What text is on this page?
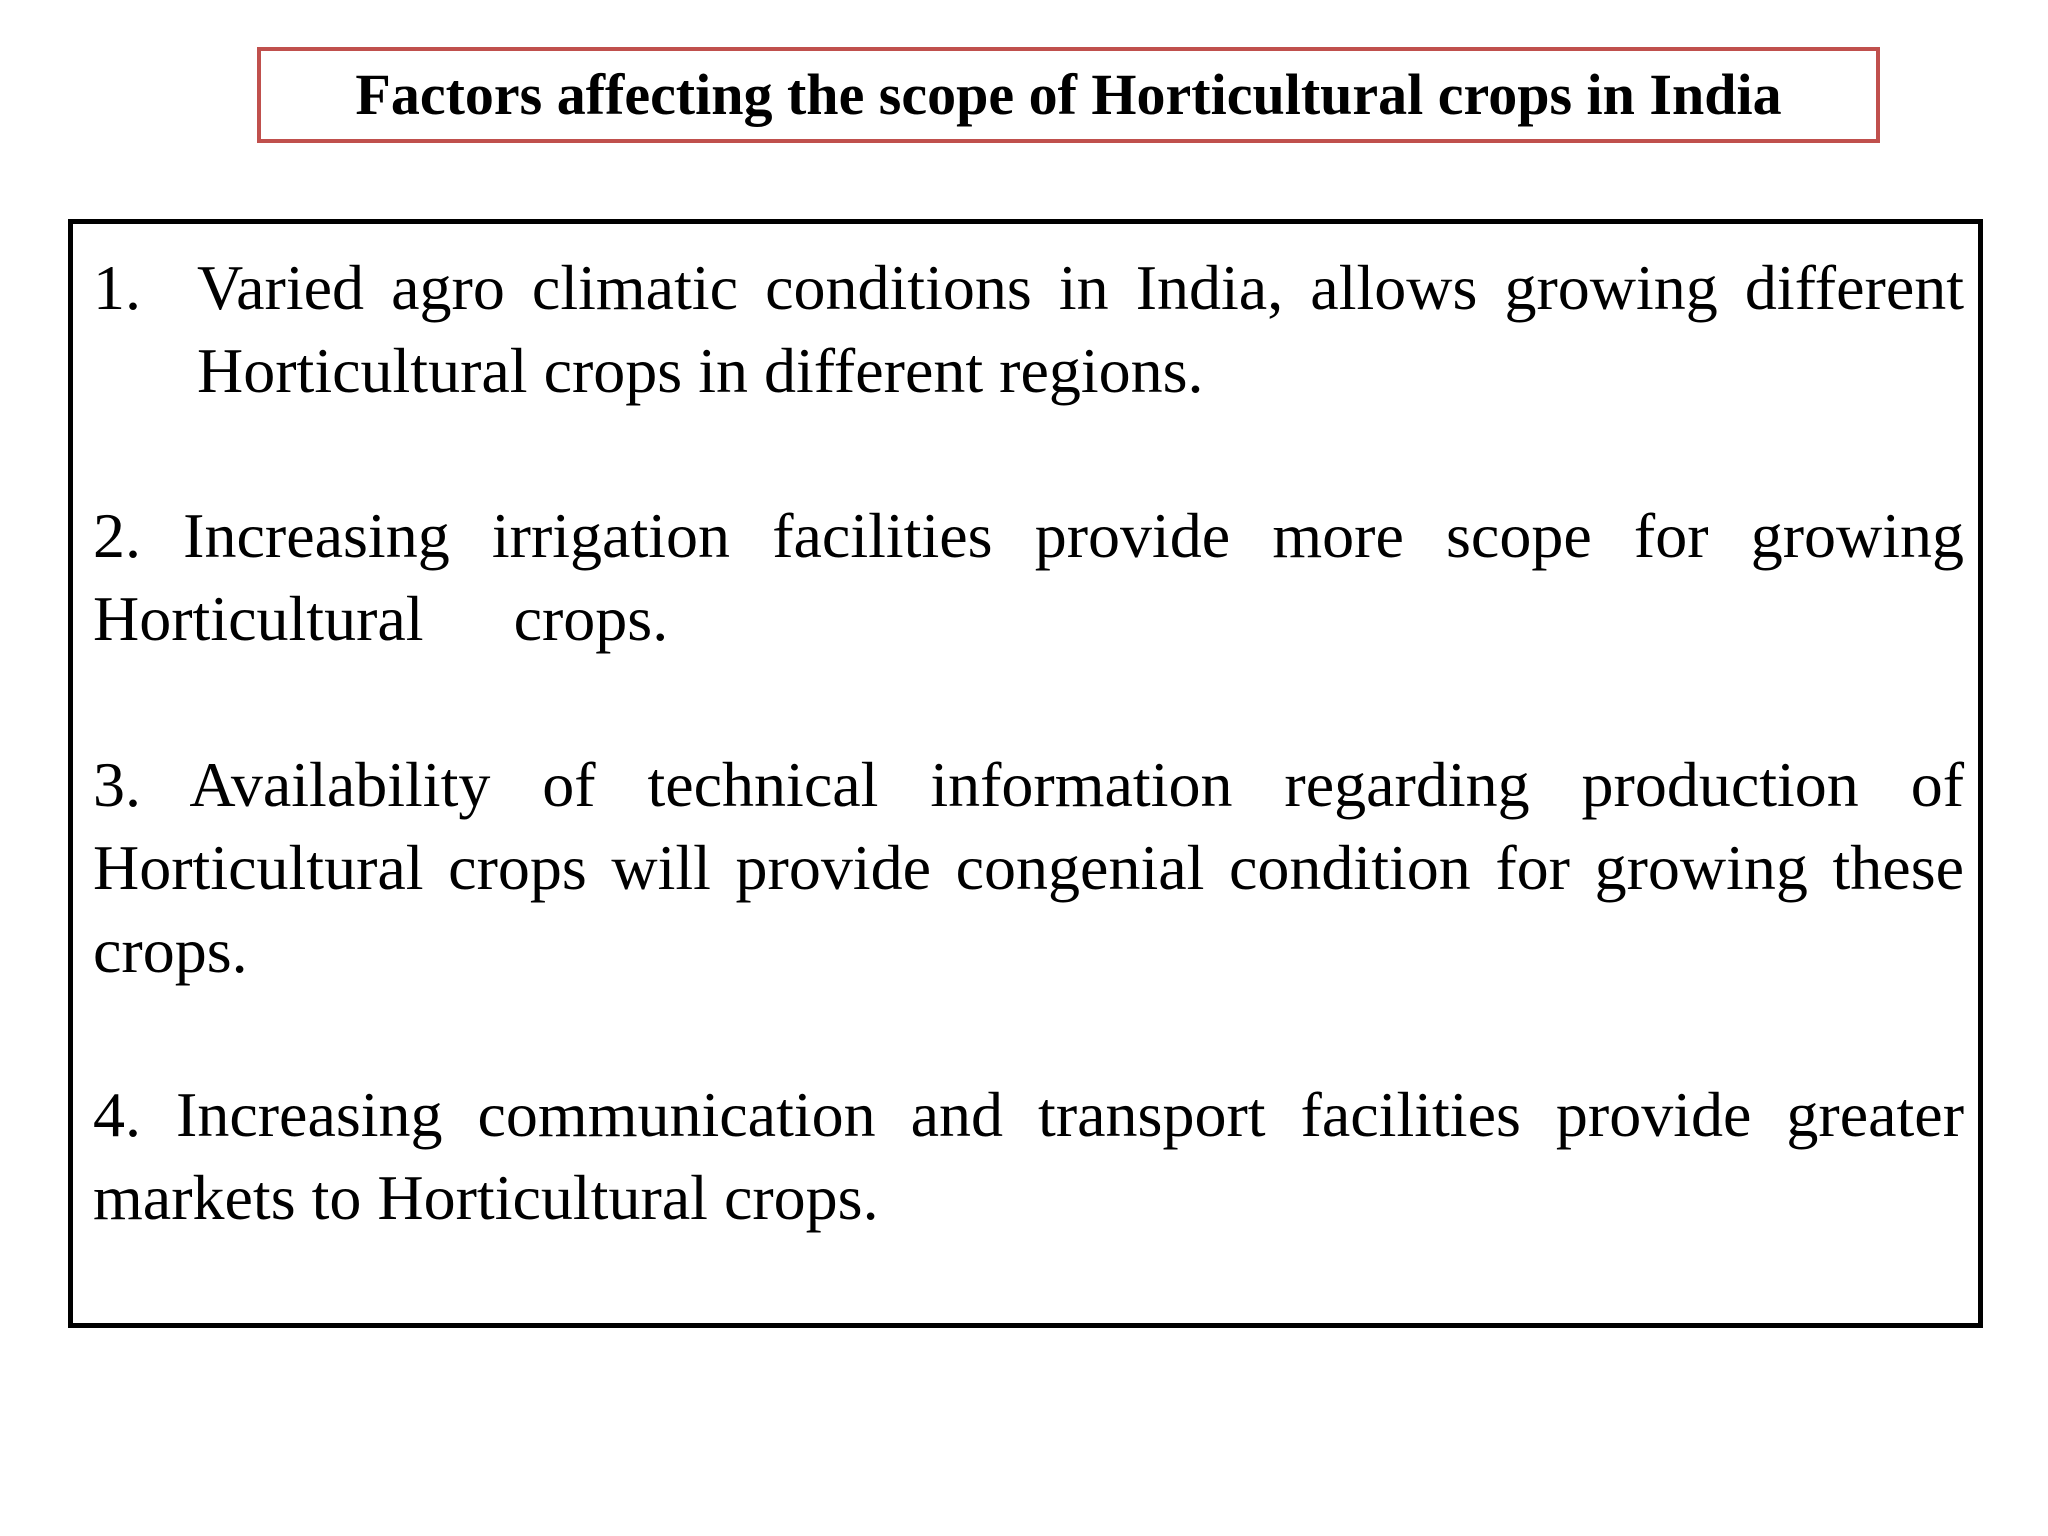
Factors affecting the scope of Horticultural crops in India
1. Varied agro climatic conditions in India, allows growing different Horticultural crops in different regions.
2. Increasing irrigation facilities provide more scope for growing Horticultural crops.
3. Availability of technical information regarding production of Horticultural crops will provide congenial condition for growing these crops.
4. Increasing communication and transport facilities provide greater markets to Horticultural crops.
